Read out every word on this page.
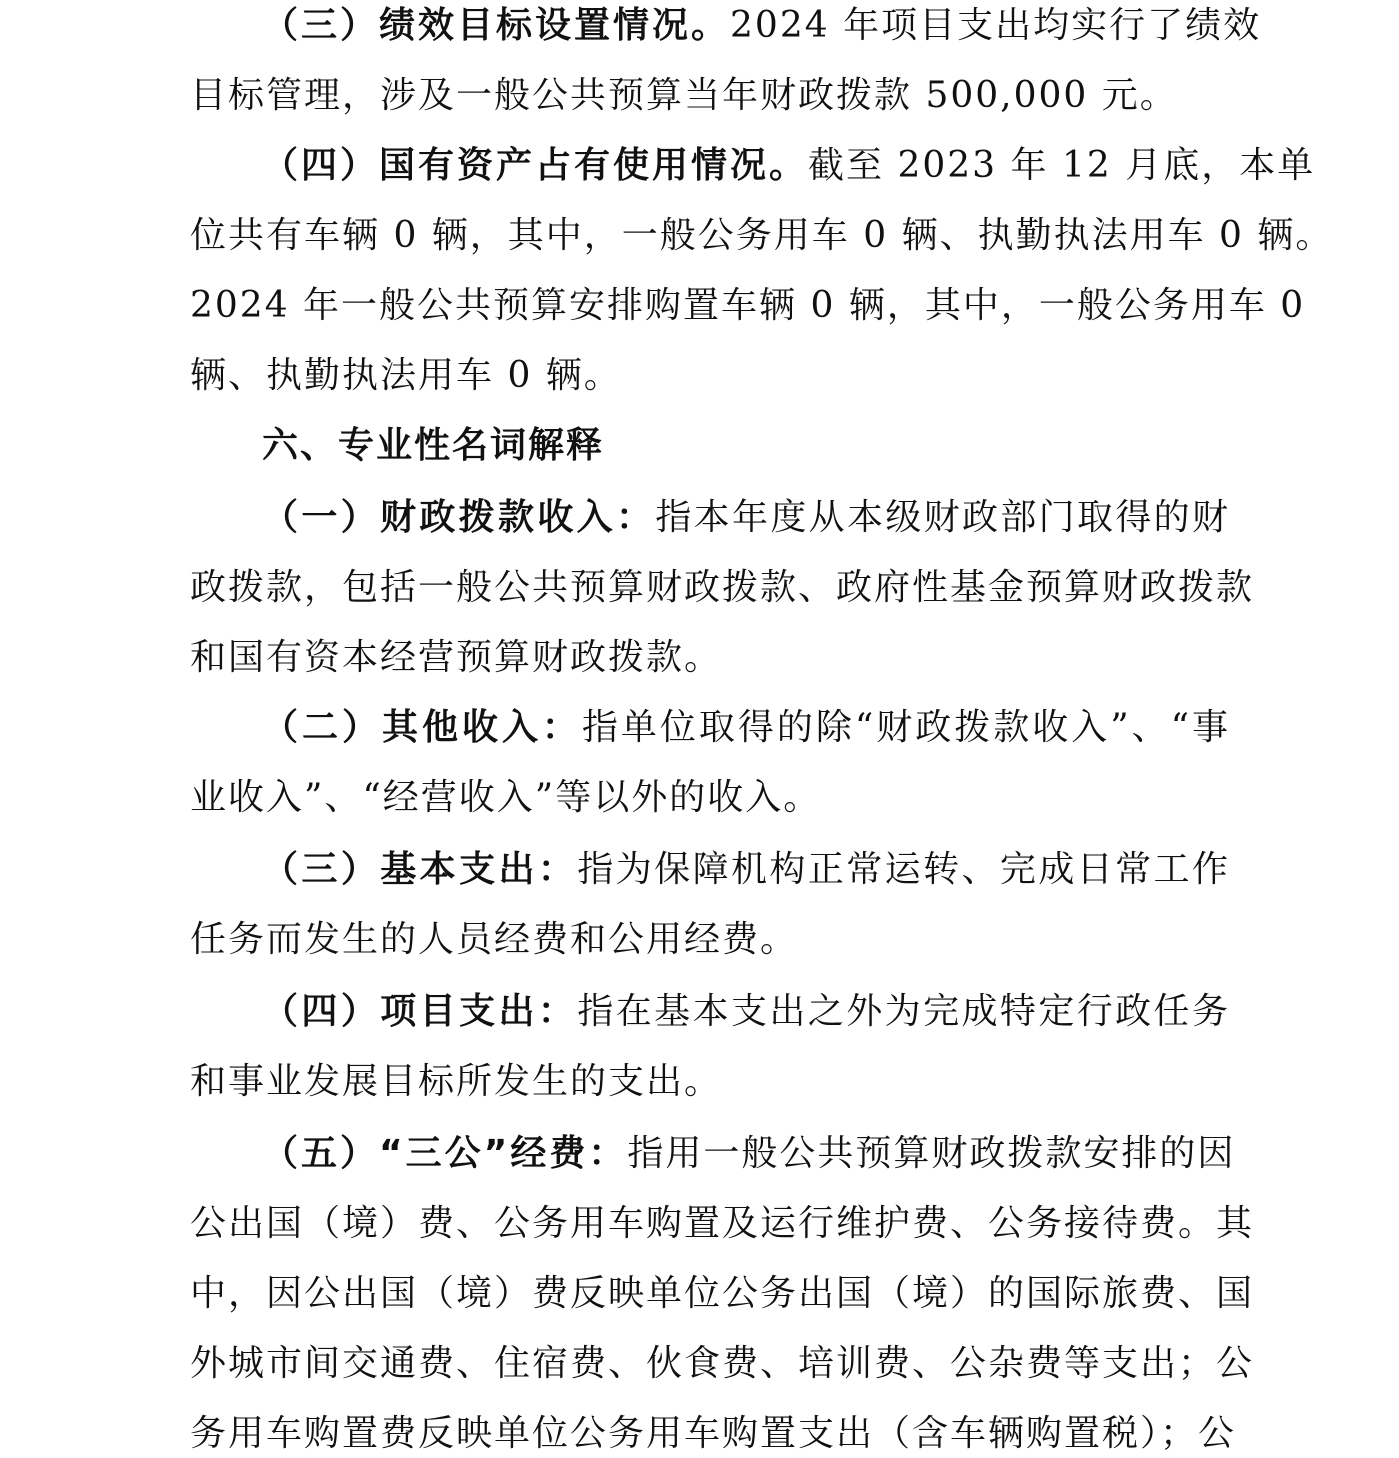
（三）绩效目标设置情况。2024 年项目支出均实行了绩效
目标管理，涉及一般公共预算当年财政拨款 500,000 元。
（四）国有资产占有使用情况。截至 2023 年 12 月底，本单
位共有车辆 0 辆，其中，一般公务用车 0 辆、执勤执法用车 0 辆。
2024 年一般公共预算安排购置车辆 0 辆，其中，一般公务用车 0
辆、执勤执法用车 0 辆。
六、专业性名词解释
（一）财政拨款收入：指本年度从本级财政部门取得的财
政拨款，包括一般公共预算财政拨款、政府性基金预算财政拨款
和国有资本经营预算财政拨款。
（二）其他收入：指单位取得的除“财政拨款收入”、“事
业收入”、“经营收入”等以外的收入。
（三）基本支出：指为保障机构正常运转、完成日常工作
任务而发生的人员经费和公用经费。
（四）项目支出：指在基本支出之外为完成特定行政任务
和事业发展目标所发生的支出。
（五）“三公”经费：指用一般公共预算财政拨款安排的因
公出国（境）费、公务用车购置及运行维护费、公务接待费。其
中，因公出国（境）费反映单位公务出国（境）的国际旅费、国
外城市间交通费、住宿费、伙食费、培训费、公杂费等支出；公
务用车购置费反映单位公务用车购置支出（含车辆购置税）；公
